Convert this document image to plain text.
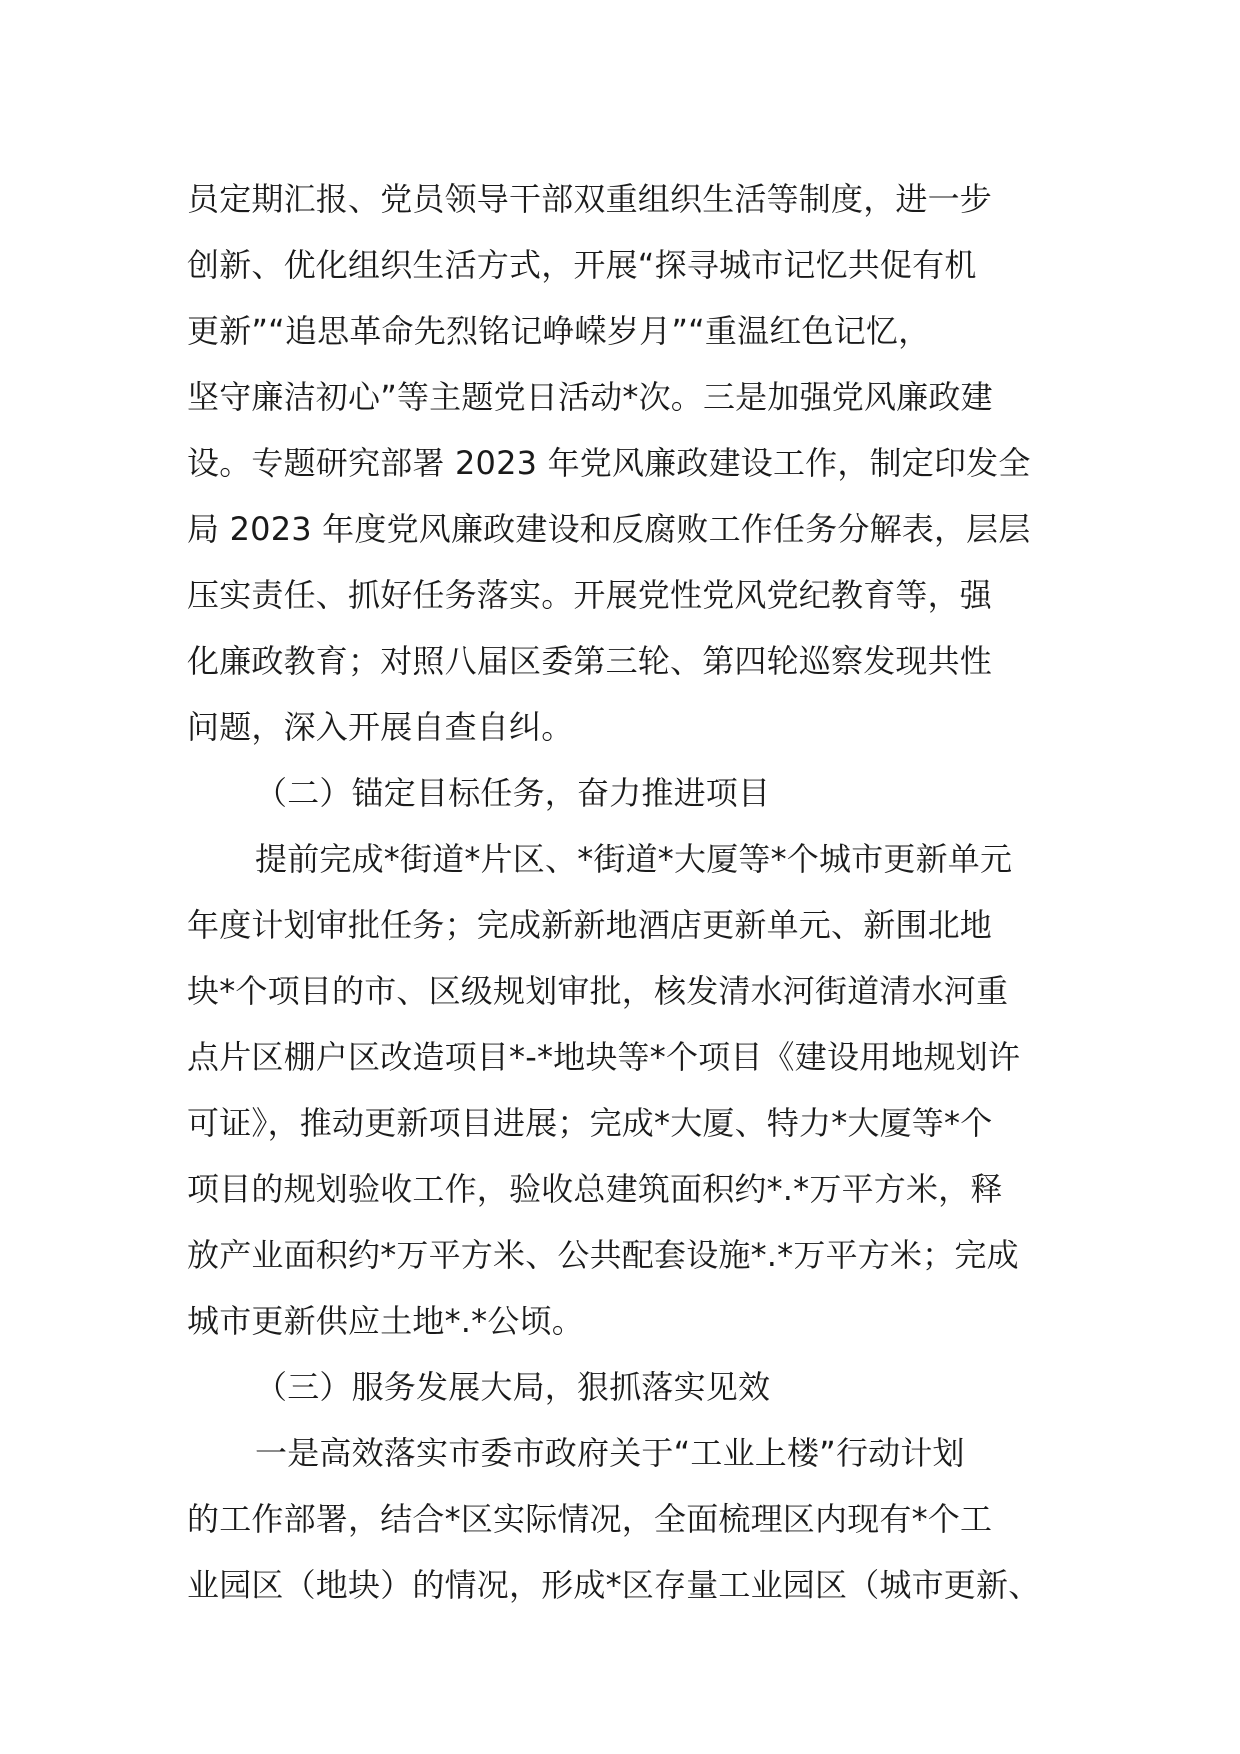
员定期汇报、党员领导干部双重组织生活等制度，进一步
创新、优化组织生活方式，开展“探寻城市记忆共促有机
更新”“追思革命先烈铭记峥嵘岁月”“重温红色记忆，
坚守廉洁初心”等主题党日活动*次。三是加强党风廉政建
设。专题研究部署 2023 年党风廉政建设工作，制定印发全
局 2023 年度党风廉政建设和反腐败工作任务分解表，层层
压实责任、抓好任务落实。开展党性党风党纪教育等，强
化廉政教育；对照八届区委第三轮、第四轮巡察发现共性
问题，深入开展自查自纠。
（二）锚定目标任务，奋力推进项目
提前完成*街道*片区、*街道*大厦等*个城市更新单元
年度计划审批任务；完成新新地酒店更新单元、新围北地
块*个项目的市、区级规划审批，核发清水河街道清水河重
点片区棚户区改造项目*-*地块等*个项目《建设用地规划许
可证》，推动更新项目进展；完成*大厦、特力*大厦等*个
项目的规划验收工作，验收总建筑面积约*.*万平方米，释
放产业面积约*万平方米、公共配套设施*.*万平方米；完成
城市更新供应土地*.*公顷。
（三）服务发展大局，狠抓落实见效
一是高效落实市委市政府关于“工业上楼”行动计划
的工作部署，结合*区实际情况，全面梳理区内现有*个工
业园区（地块）的情况，形成*区存量工业园区（城市更新、
